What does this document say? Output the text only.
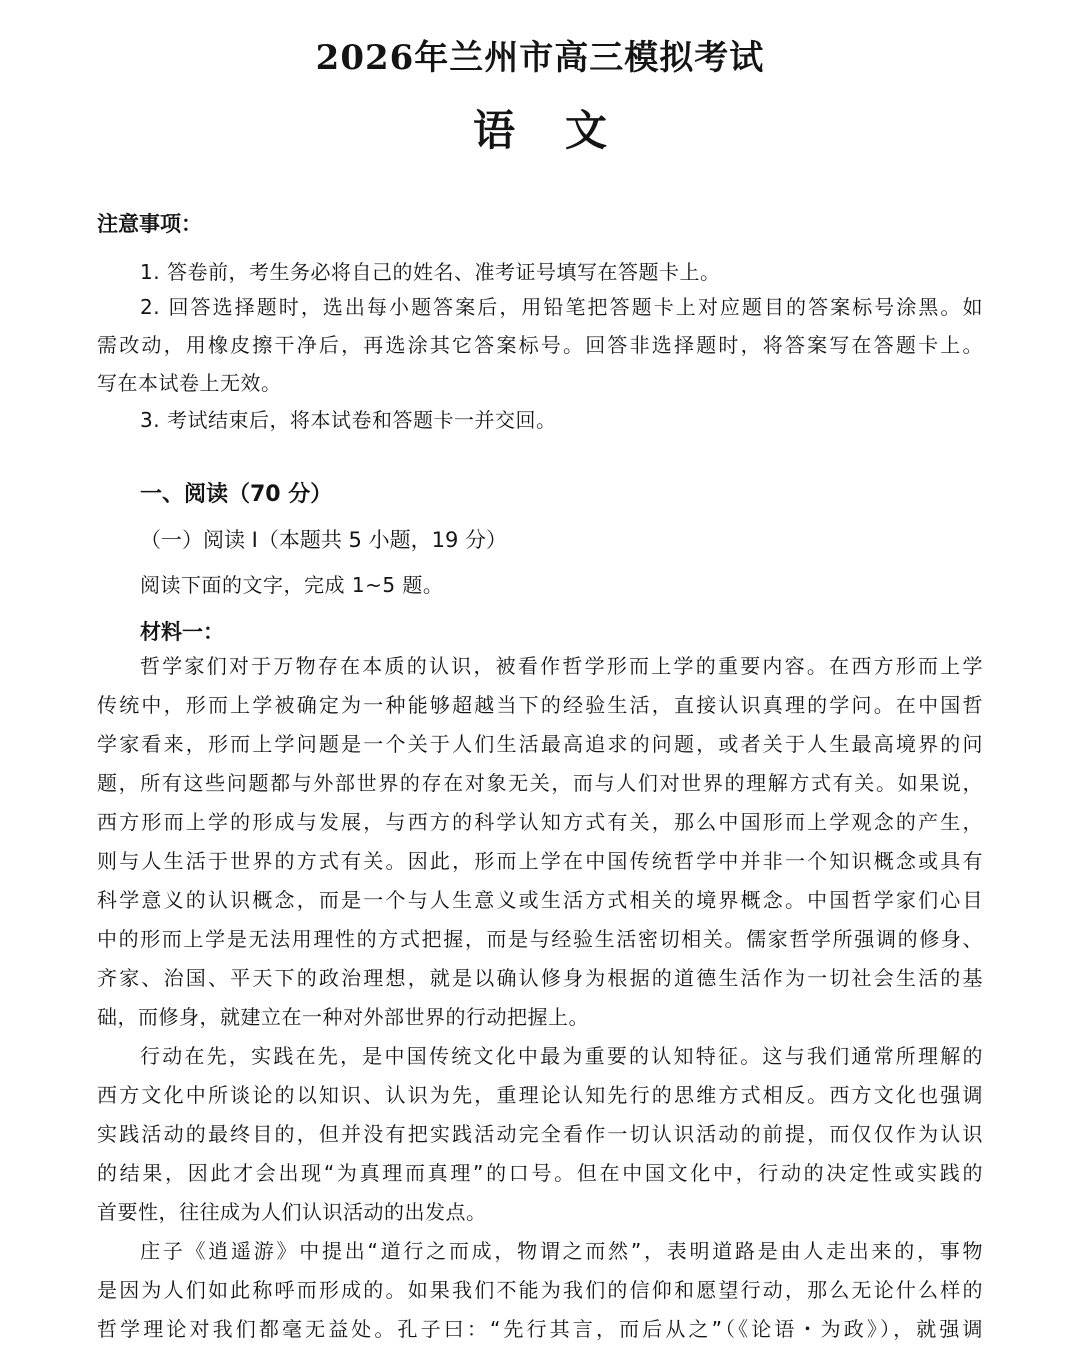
2026年兰州市高三模拟考试
语文
注意事项：
1. 答卷前，考生务必将自己的姓名、准考证号填写在答题卡上。
2. 回答选择题时，选出每小题答案后，用铅笔把答题卡上对应题目的答案标号涂黑。如
需改动，用橡皮擦干净后，再选涂其它答案标号。回答非选择题时，将答案写在答题卡上。
写在本试卷上无效。
3. 考试结束后，将本试卷和答题卡一并交回。
一、阅读（70 分）
（一）阅读 I（本题共 5 小题，19 分）
阅读下面的文字，完成 1~5 题。
材料一：
哲学家们对于万物存在本质的认识，被看作哲学形而上学的重要内容。在西方形而上学
传统中，形而上学被确定为一种能够超越当下的经验生活，直接认识真理的学问。在中国哲
学家看来，形而上学问题是一个关于人们生活最高追求的问题，或者关于人生最高境界的问
题，所有这些问题都与外部世界的存在对象无关，而与人们对世界的理解方式有关。如果说，
西方形而上学的形成与发展，与西方的科学认知方式有关，那么中国形而上学观念的产生，
则与人生活于世界的方式有关。因此，形而上学在中国传统哲学中并非一个知识概念或具有
科学意义的认识概念，而是一个与人生意义或生活方式相关的境界概念。中国哲学家们心目
中的形而上学是无法用理性的方式把握，而是与经验生活密切相关。儒家哲学所强调的修身、
齐家、治国、平天下的政治理想，就是以确认修身为根据的道德生活作为一切社会生活的基
础，而修身，就建立在一种对外部世界的行动把握上。
行动在先，实践在先，是中国传统文化中最为重要的认知特征。这与我们通常所理解的
西方文化中所谈论的以知识、认识为先，重理论认知先行的思维方式相反。西方文化也强调
实践活动的最终目的，但并没有把实践活动完全看作一切认识活动的前提，而仅仅作为认识
的结果，因此才会出现“为真理而真理”的口号。但在中国文化中，行动的决定性或实践的
首要性，往往成为人们认识活动的出发点。
庄子《逍遥游》中提出“道行之而成，物谓之而然”，表明道路是由人走出来的，事物
是因为人们如此称呼而形成的。如果我们不能为我们的信仰和愿望行动，那么无论什么样的
哲学理论对我们都毫无益处。孔子曰：“先行其言，而后从之”（《论语・为政》），就强调
